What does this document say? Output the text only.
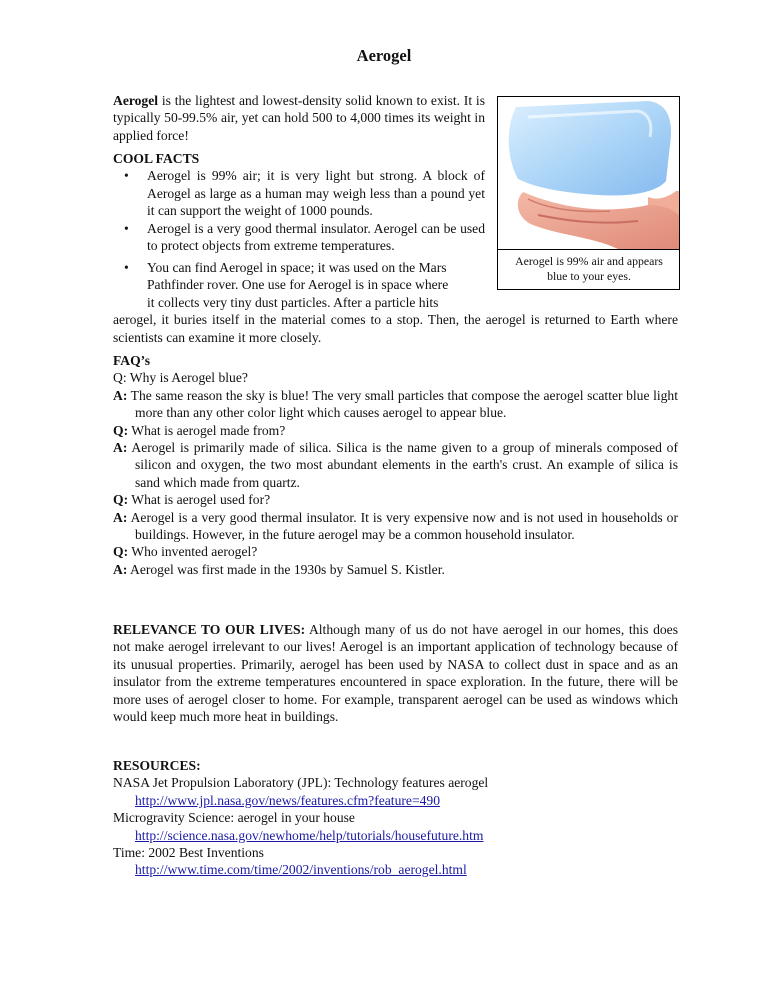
Aerogel
Aerogel is the lightest and lowest-density solid known to exist. It is typically 50-99.5% air, yet can hold 500 to 4,000 times its weight in applied force!
COOL FACTS
• Aerogel is 99% air; it is very light but strong. A block of Aerogel as large as a human may weigh less than a pound yet it can support the weight of 1000 pounds.
• Aerogel is a very good thermal insulator. Aerogel can be used to protect objects from extreme temperatures.
• You can find Aerogel in space; it was used on the Mars
Pathfinder rover. One use for Aerogel is in space where
it collects very tiny dust particles. After a particle hits
aerogel, it buries itself in the material comes to a stop. Then, the aerogel is returned to Earth where scientists can examine it more closely.
Aerogel is 99% air and appears blue to your eyes.
FAQ’s
Q: Why is Aerogel blue?
A: The same reason the sky is blue! The very small particles that compose the aerogel scatter blue light more than any other color light which causes aerogel to appear blue.
Q: What is aerogel made from?
A: Aerogel is primarily made of silica. Silica is the name given to a group of minerals composed of silicon and oxygen, the two most abundant elements in the earth's crust. An example of silica is sand which made from quartz.
Q: What is aerogel used for?
A: Aerogel is a very good thermal insulator. It is very expensive now and is not used in households or buildings. However, in the future aerogel may be a common household insulator.
Q: Who invented aerogel?
A: Aerogel was first made in the 1930s by Samuel S. Kistler.
RELEVANCE TO OUR LIVES: Although many of us do not have aerogel in our homes, this does not make aerogel irrelevant to our lives! Aerogel is an important application of technology because of its unusual properties. Primarily, aerogel has been used by NASA to collect dust in space and as an insulator from the extreme temperatures encountered in space exploration. In the future, there will be more uses of aerogel closer to home. For example, transparent aerogel can be used as windows which would keep much more heat in buildings.
RESOURCES:
NASA Jet Propulsion Laboratory (JPL): Technology features aerogel
http://www.jpl.nasa.gov/news/features.cfm?feature=490
Microgravity Science: aerogel in your house
http://science.nasa.gov/newhome/help/tutorials/housefuture.htm
Time: 2002 Best Inventions
http://www.time.com/time/2002/inventions/rob_aerogel.html
